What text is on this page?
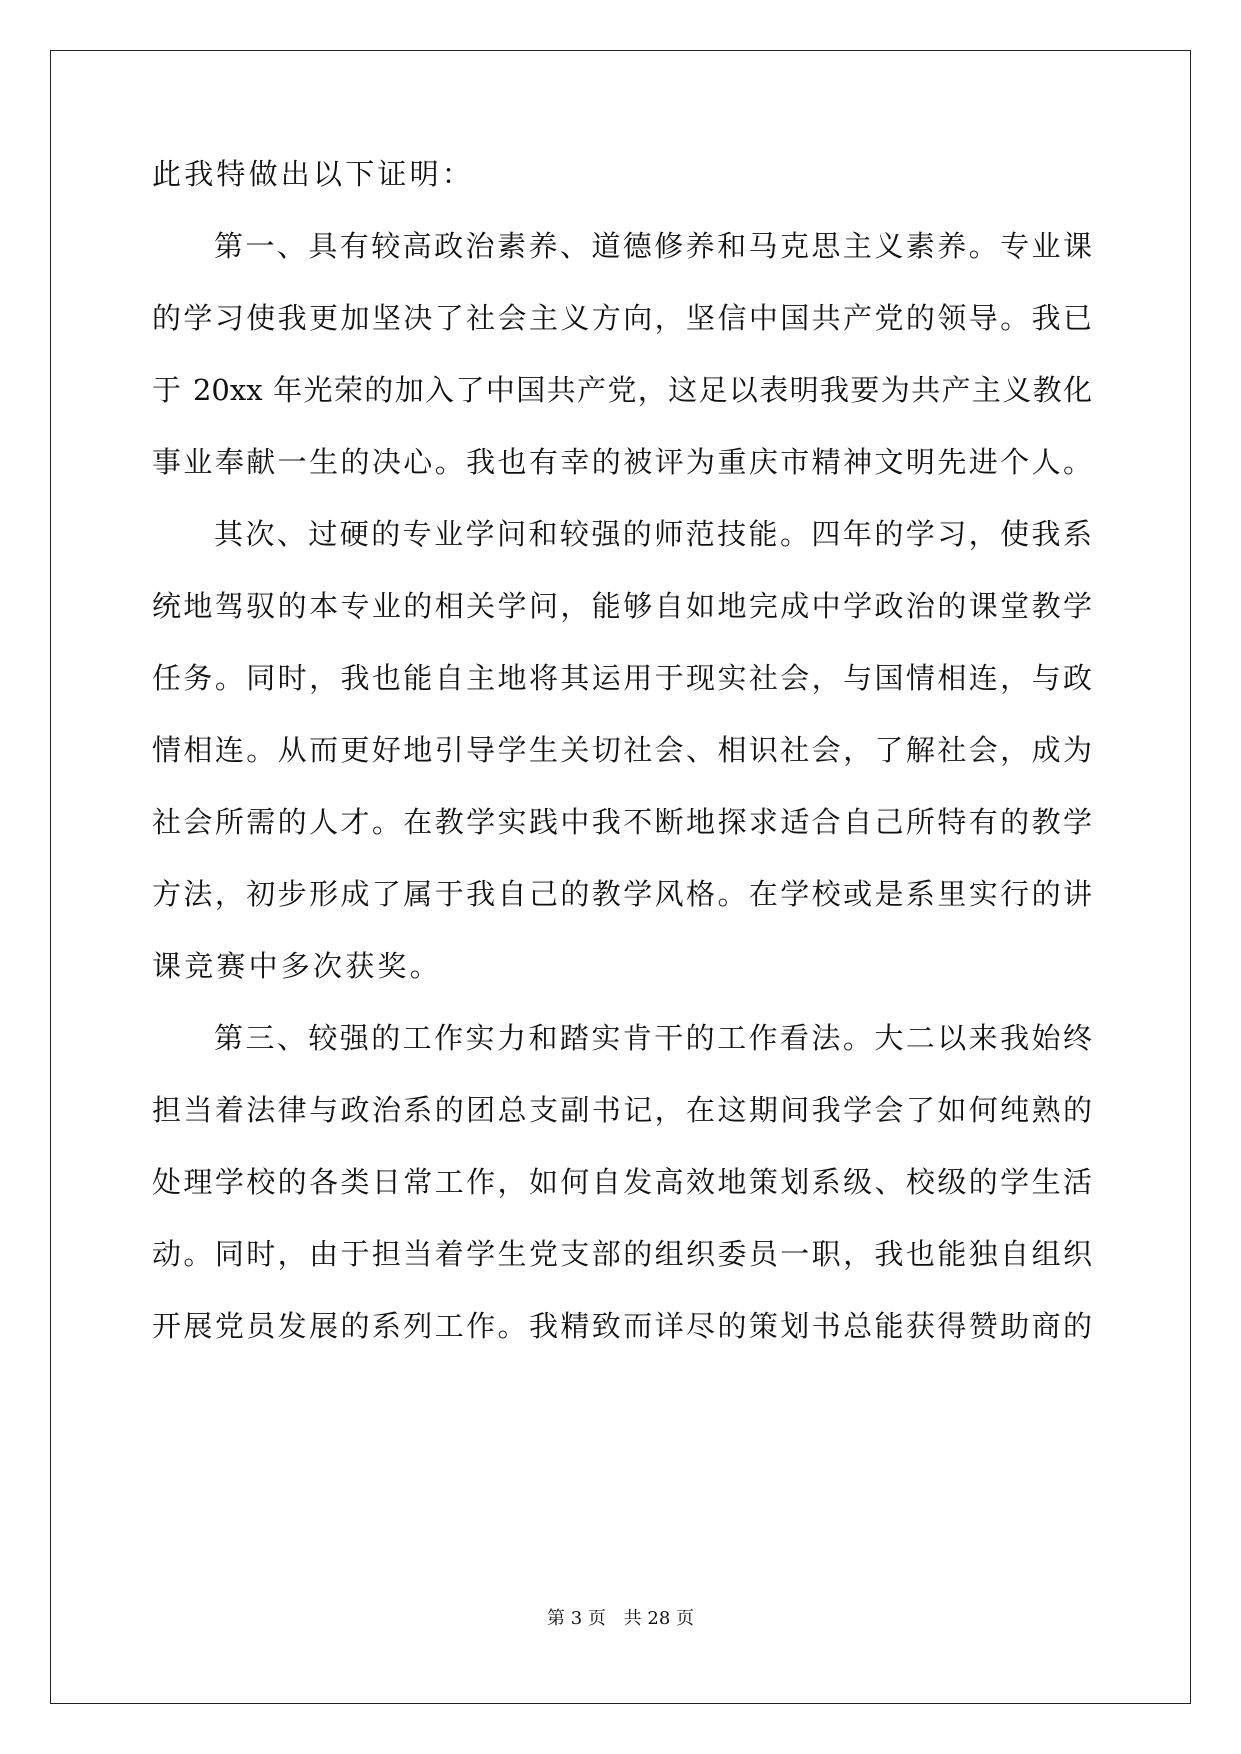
此我特做出以下证明：

第一、具有较高政治素养、道德修养和马克思主义素养。专业课

的学习使我更加坚决了社会主义方向，坚信中国共产党的领导。我已

于 20xx 年光荣的加入了中国共产党，这足以表明我要为共产主义教化

事业奉献一生的决心。我也有幸的被评为重庆市精神文明先进个人。

其次、过硬的专业学问和较强的师范技能。四年的学习，使我系

统地驾驭的本专业的相关学问，能够自如地完成中学政治的课堂教学

任务。同时，我也能自主地将其运用于现实社会，与国情相连，与政

情相连。从而更好地引导学生关切社会、相识社会，了解社会，成为

社会所需的人才。在教学实践中我不断地探求适合自己所特有的教学

方法，初步形成了属于我自己的教学风格。在学校或是系里实行的讲

课竞赛中多次获奖。

第三、较强的工作实力和踏实肯干的工作看法。大二以来我始终

担当着法律与政治系的团总支副书记，在这期间我学会了如何纯熟的

处理学校的各类日常工作，如何自发高效地策划系级、校级的学生活

动。同时，由于担当着学生党支部的组织委员一职，我也能独自组织

开展党员发展的系列工作。我精致而详尽的策划书总能获得赞助商的

第 3 页 共 28 页
